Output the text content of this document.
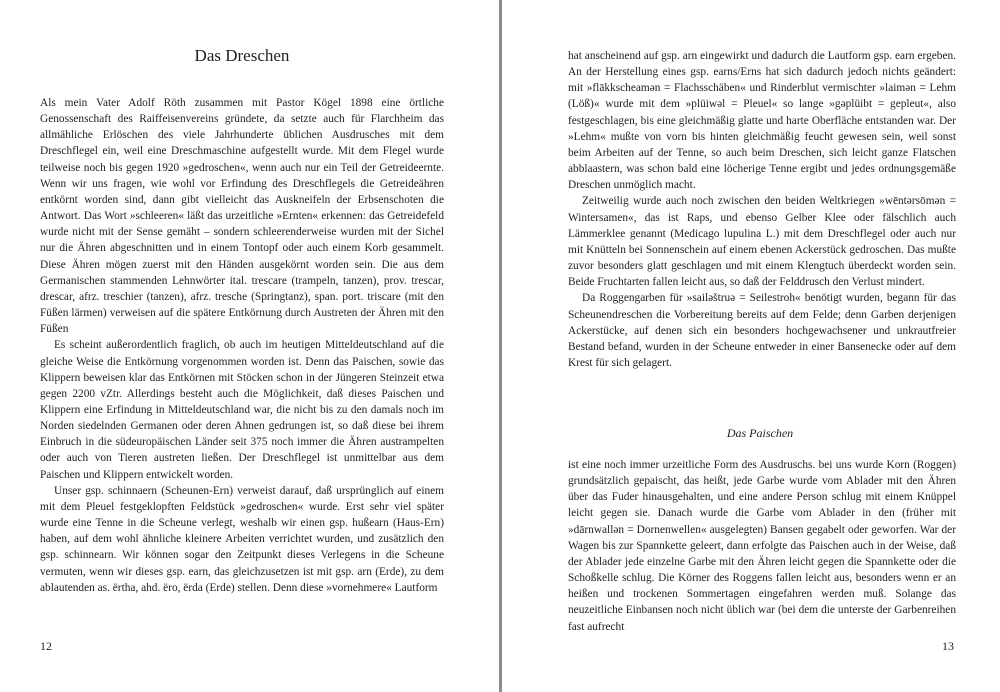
Das Dreschen

Als mein Vater Adolf Röth zusammen mit Pastor Kögel 1898 eine örtliche Genossenschaft des Raiffeisenvereins gründete, da setzte auch für Flarchheim das allmähliche Erlöschen des viele Jahrhunderte üblichen Ausdrusches mit dem Dreschflegel ein, weil eine Dreschmaschine aufgestellt wurde. Mit dem Flegel wurde teilweise noch bis gegen 1920 »gedroschen«, wenn auch nur ein Teil der Getreideernte. Wenn wir uns fragen, wie wohl vor Erfindung des Dreschflegels die Getreideähren entkörnt worden sind, dann gibt vielleicht das Auskneifeln der Erbsenschoten die Antwort. Das Wort »schleeren« läßt das urzeitliche »Ernten« erkennen: das Getreidefeld wurde nicht mit der Sense gemäht – sondern schleerenderweise wurden mit der Sichel nur die Ähren abgeschnitten und in einem Tontopf oder auch einem Korb gesammelt. Diese Ähren mögen zuerst mit den Händen ausgekörnt worden sein. Die aus dem Germanischen stammenden Lehnwörter ital. trescare (trampeln, tanzen), prov. trescar, drescar, afrz. treschier (tanzen), afrz. tresche (Springtanz), span. port. triscare (mit den Füßen lärmen) verweisen auf die spätere Entkörnung durch Austreten der Ähren mit den Füßen

Es scheint außerordentlich fraglich, ob auch im heutigen Mitteldeutschland auf die gleiche Weise die Entkörnung vorgenommen worden ist. Denn das Paischen, sowie das Klippern beweisen klar das Entkörnen mit Stöcken schon in der Jüngeren Steinzeit etwa gegen 2200 vZtr. Allerdings besteht auch die Möglichkeit, daß dieses Paischen und Klippern eine Erfindung in Mitteldeutschland war, die nicht bis zu den damals noch im Norden siedelnden Germanen oder deren Ahnen gedrungen ist, so daß diese bei ihrem Einbruch in die südeuropäischen Länder seit 375 noch immer die Ähren austrampelten oder auch von Tieren austreten ließen. Der Dreschflegel ist unmittelbar aus dem Paischen und Klippern entwickelt worden.

Unser gsp. schinnaern (Scheunen-Ern) verweist darauf, daß ursprünglich auf einem mit dem Pleuel festgeklopften Feldstück »gedroschen« wurde. Erst sehr viel später wurde eine Tenne in die Scheune verlegt, weshalb wir einen gsp. hußearn (Haus-Ern) haben, auf dem wohl ähnliche kleinere Arbeiten verrichtet wurden, und zusätzlich den gsp. schinnearn. Wir können sogar den Zeitpunkt dieses Verlegens in die Scheune vermuten, wenn wir dieses gsp. earn, das gleichzusetzen ist mit gsp. arn (Erde), zu dem ablautenden as. ërtha, ahd. ëro, ërda (Erde) stellen. Denn diese »vornehmere« Lautform

12

hat anscheinend auf gsp. arn eingewirkt und dadurch die Lautform gsp. earn ergeben. An der Herstellung eines gsp. earns/Erns hat sich dadurch jedoch nichts geändert: mit »flākkscheamən = Flachsschäben« und Rinderblut vermischter »laimən = Lehm (Löß)« wurde mit dem »plüiwəl = Pleuel« so lange »gəplüibt = gepleut«, also festgeschlagen, bis eine gleichmäßig glatte und harte Oberfläche entstanden war. Der »Lehm« mußte von vorn bis hinten gleichmäßig feucht gewesen sein, weil sonst beim Arbeiten auf der Tenne, so auch beim Dreschen, sich leicht ganze Flatschen abblaastern, was schon bald eine löcherige Tenne ergibt und jedes ordnungsgemäße Dreschen unmöglich macht.

Zeitweilig wurde auch noch zwischen den beiden Weltkriegen »wēntərsōmən = Wintersamen«, das ist Raps, und ebenso Gelber Klee oder fälschlich auch Lämmerklee genannt (Medicago lupulina L.) mit dem Dreschflegel oder auch nur mit Knütteln bei Sonnenschein auf einem ebenen Ackerstück gedroschen. Das mußte zuvor besonders glatt geschlagen und mit einem Klengtuch überdeckt worden sein. Beide Fruchtarten fallen leicht aus, so daß der Felddrusch den Verlust mindert.

Da Roggengarben für »sailəštruə = Seilestroh« benötigt wurden, begann für das Scheunendreschen die Vorbereitung bereits auf dem Felde; denn Garben derjenigen Ackerstücke, auf denen sich ein besonders hochgewachsener und unkrautfreier Bestand befand, wurden in der Scheune entweder in einer Bansenecke oder auf dem Krest für sich gelagert.

Das Paischen

ist eine noch immer urzeitliche Form des Ausdruschs. bei uns wurde Korn (Roggen) grundsätzlich gepaischt, das heißt, jede Garbe wurde vom Ablader mit den Ähren über das Fuder hinausgehalten, und eine andere Person schlug mit einem Knüppel leicht gegen sie. Danach wurde die Garbe vom Ablader in den (früher mit »dārnwallən = Dornenwellen« ausgelegten) Bansen gegabelt oder geworfen. War der Wagen bis zur Spannkette geleert, dann erfolgte das Paischen auch in der Weise, daß der Ablader jede einzelne Garbe mit den Ähren leicht gegen die Spannkette oder die Schoßkelle schlug. Die Körner des Roggens fallen leicht aus, besonders wenn er an heißen und trockenen Sommertagen eingefahren werden muß. Solange das neuzeitliche Einbansen noch nicht üblich war (bei dem die unterste der Garbenreihen fast aufrecht

13
